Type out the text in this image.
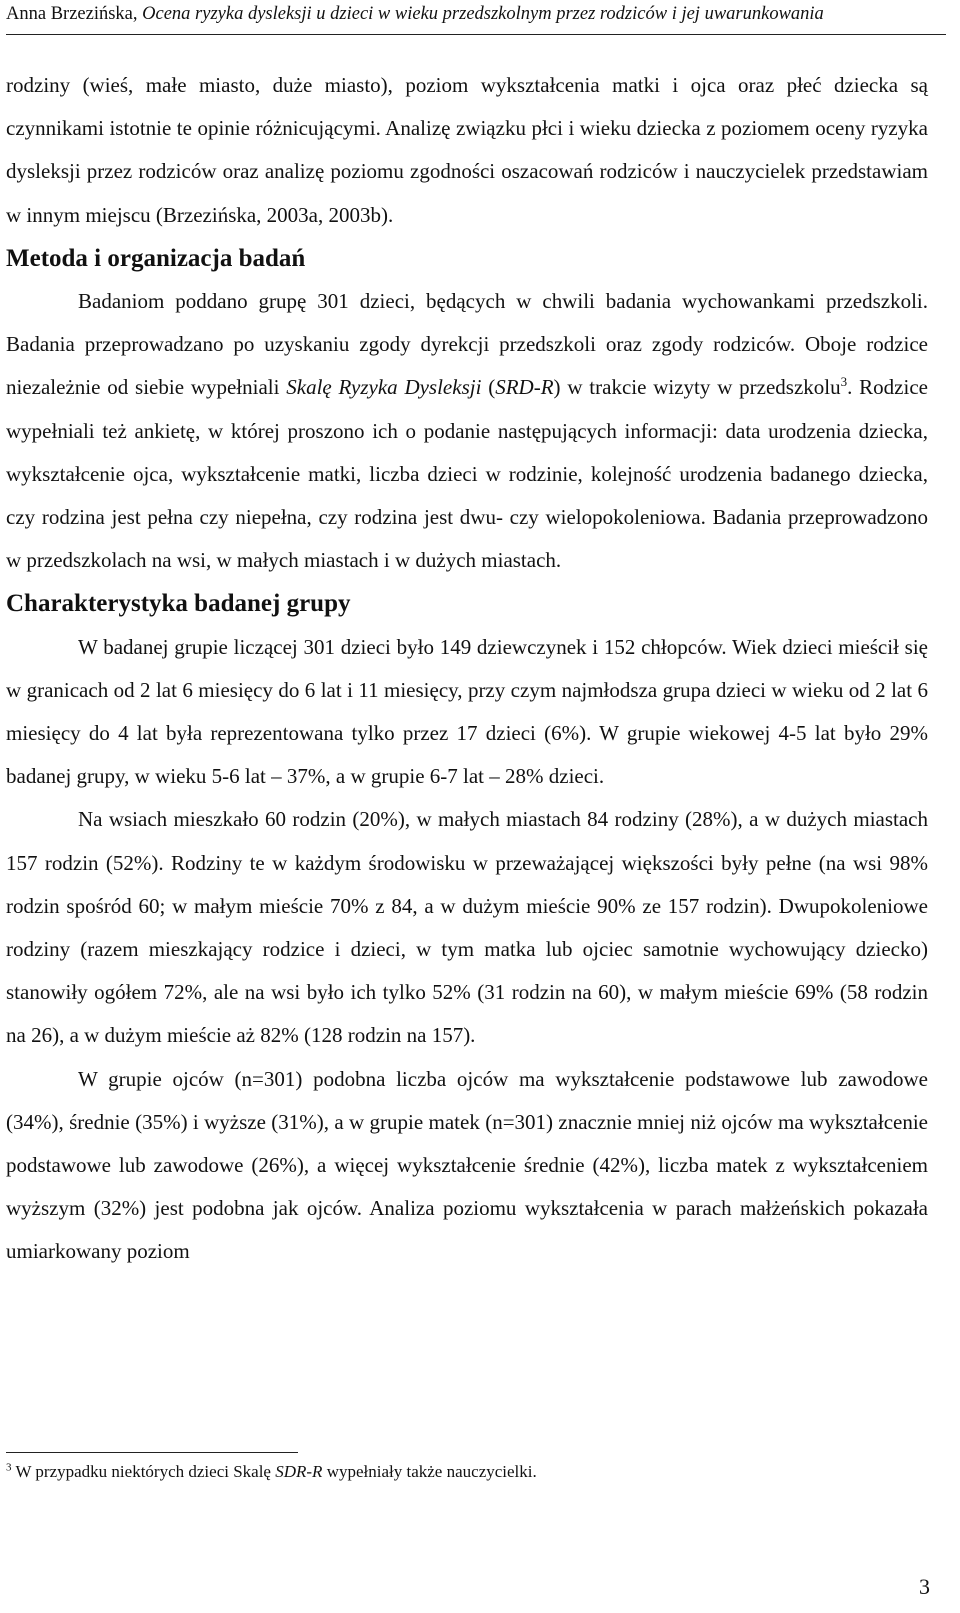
Anna Brzezińska, Ocena ryzyka dysleksji u dzieci w wieku przedszkolnym przez rodziców i jej uwarunkowania

rodziny (wieś, małe miasto, duże miasto), poziom wykształcenia matki i ojca oraz płeć dziecka są czynnikami istotnie te opinie różnicującymi. Analizę związku płci i wieku dziecka z poziomem oceny ryzyka dysleksji przez rodziców oraz analizę poziomu zgodności oszacowań rodziców i nauczycielek przedstawiam w innym miejscu (Brzezińska, 2003a, 2003b).

Metoda i organizacja badań

Badaniom poddano grupę 301 dzieci, będących w chwili badania wychowankami przedszkoli. Badania przeprowadzano po uzyskaniu zgody dyrekcji przedszkoli oraz zgody rodziców. Oboje rodzice niezależnie od siebie wypełniali Skalę Ryzyka Dysleksji (SRD-R) w trakcie wizyty w przedszkolu$^3$. Rodzice wypełniali też ankietę, w której proszono ich o podanie następujących informacji: data urodzenia dziecka, wykształcenie ojca, wykształcenie matki, liczba dzieci w rodzinie, kolejność urodzenia badanego dziecka, czy rodzina jest pełna czy niepełna, czy rodzina jest dwu- czy wielopokoleniowa. Badania przeprowadzono w przedszkolach na wsi, w małych miastach i w dużych miastach.

Charakterystyka badanej grupy

W badanej grupie liczącej 301 dzieci było 149 dziewczynek i 152 chłopców. Wiek dzieci mieścił się w granicach od 2 lat 6 miesięcy do 6 lat i 11 miesięcy, przy czym najmłodsza grupa dzieci w wieku od 2 lat 6 miesięcy do 4 lat była reprezentowana tylko przez 17 dzieci (6%). W grupie wiekowej 4-5 lat było 29% badanej grupy, w wieku 5-6 lat – 37%, a w grupie 6-7 lat – 28% dzieci.

Na wsiach mieszkało 60 rodzin (20%), w małych miastach 84 rodziny (28%), a w dużych miastach 157 rodzin (52%). Rodziny te w każdym środowisku w przeważającej większości były pełne (na wsi 98% rodzin spośród 60; w małym mieście 70% z 84, a w dużym mieście 90% ze 157 rodzin). Dwupokoleniowe rodziny (razem mieszkający rodzice i dzieci, w tym matka lub ojciec samotnie wychowujący dziecko) stanowiły ogółem 72%, ale na wsi było ich tylko 52% (31 rodzin na 60), w małym mieście 69% (58 rodzin na 26), a w dużym mieście aż 82% (128 rodzin na 157).

W grupie ojców (n=301) podobna liczba ojców ma wykształcenie podstawowe lub zawodowe (34%), średnie (35%) i wyższe (31%), a w grupie matek (n=301) znacznie mniej niż ojców ma wykształcenie podstawowe lub zawodowe (26%), a więcej wykształcenie średnie (42%), liczba matek z wykształceniem wyższym (32%) jest podobna jak ojców. Analiza poziomu wykształcenia w parach małżeńskich pokazała umiarkowany poziom

$^3$ W przypadku niektórych dzieci Skalę SDR-R wypełniały także nauczycielki.
3
